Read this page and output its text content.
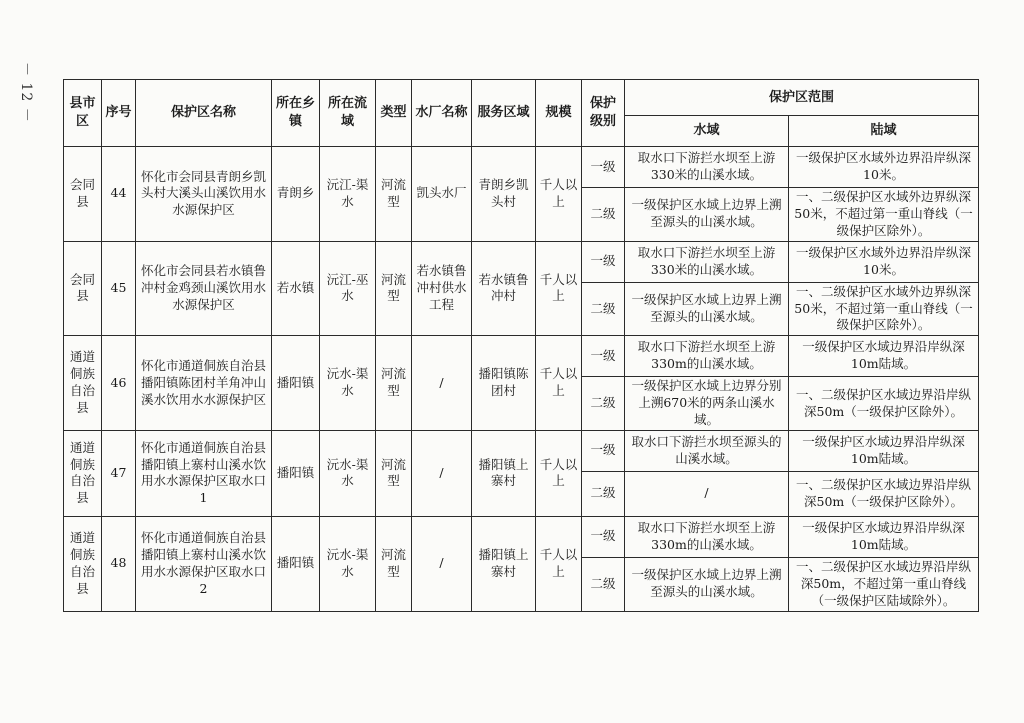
－ 12 －	县市区	序号	保护区名称	所在乡镇	所在流域	类型	水厂名称	服务区域	规模	保护级别	保护区范围	
										水域	陆域
会同县	44	怀化市会同县青朗乡凯头村大溪头山溪饮用水水源保护区	青朗乡	沅江-渠水	河流型	凯头水厂	青朗乡凯头村	千人以上	一级	取水口下游拦水坝至上游330米的山溪水域。	一级保护区水域外边界沿岸纵深10米。
									二级	一级保护区水域上边界上溯至源头的山溪水域。	一、二级保护区水域外边界纵深50米，不超过第一重山脊线（一级保护区除外）。
会同县	45	怀化市会同县若水镇鲁冲村金鸡颈山溪饮用水水源保护区	若水镇	沅江-巫水	河流型	若水镇鲁冲村供水工程	若水镇鲁冲村	千人以上	一级	取水口下游拦水坝至上游330米的山溪水域。	一级保护区水域外边界沿岸纵深10米。
									二级	一级保护区水域上边界上溯至源头的山溪水域。	一、二级保护区水域外边界纵深50米，不超过第一重山脊线（一级保护区除外）。
通道侗族自治县	46	怀化市通道侗族自治县播阳镇陈团村羊角冲山溪水饮用水水源保护区	播阳镇	沅水-渠水	河流型	/	播阳镇陈团村	千人以上	一级	取水口下游拦水坝至上游330m的山溪水域。	一级保护区水域边界沿岸纵深10m陆域。
									二级	一级保护区水域上边界分别上溯670米的两条山溪水域。	一、二级保护区水域边界沿岸纵深50m（一级保护区除外）。
通道侗族自治县	47	怀化市通道侗族自治县播阳镇上寨村山溪水饮用水水源保护区取水口1	播阳镇	沅水-渠水	河流型	/	播阳镇上寨村	千人以上	一级	取水口下游拦水坝至源头的山溪水域。	一级保护区水域边界沿岸纵深10m陆域。
									二级	/	一、二级保护区水域边界沿岸纵深50m（一级保护区除外）。
通道侗族自治县	48	怀化市通道侗族自治县播阳镇上寨村山溪水饮用水水源保护区取水口2	播阳镇	沅水-渠水	河流型	/	播阳镇上寨村	千人以上	一级	取水口下游拦水坝至上游330m的山溪水域。	一级保护区水域边界沿岸纵深10m陆域。
									二级	一级保护区水域上边界上溯至源头的山溪水域。	一、二级保护区水域边界沿岸纵深50m，不超过第一重山脊线（一级保护区陆域除外）。
